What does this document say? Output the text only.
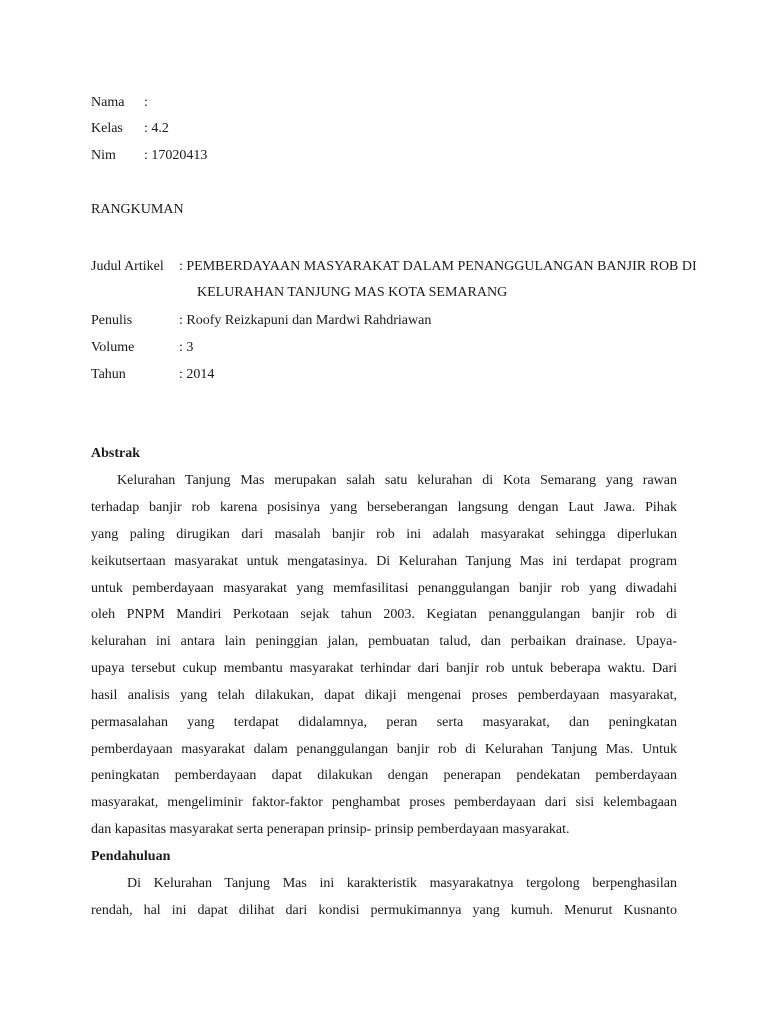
Nama :
Kelas : 4.2
Nim : 17020413
RANGKUMAN
Judul Artikel : PEMBERDAYAAN MASYARAKAT DALAM PENANGGULANGAN BANJIR ROB DI
KELURAHAN TANJUNG MAS KOTA SEMARANG
Penulis	: Roofy Reizkapuni dan Mardwi Rahdriawan
Volume	: 3
Tahun	: 2014
Abstrak
Kelurahan Tanjung Mas merupakan salah satu kelurahan di Kota Semarang yang rawan
terhadap banjir rob karena posisinya yang berseberangan langsung dengan Laut Jawa. Pihak
yang paling dirugikan dari masalah banjir rob ini adalah masyarakat sehingga diperlukan
keikutsertaan masyarakat untuk mengatasinya. Di Kelurahan Tanjung Mas ini terdapat program
untuk pemberdayaan masyarakat yang memfasilitasi penanggulangan banjir rob yang diwadahi
oleh PNPM Mandiri Perkotaan sejak tahun 2003. Kegiatan penanggulangan banjir rob di
kelurahan ini antara lain peninggian jalan, pembuatan talud, dan perbaikan drainase. Upaya-
upaya tersebut cukup membantu masyarakat terhindar dari banjir rob untuk beberapa waktu. Dari
hasil analisis yang telah dilakukan, dapat dikaji mengenai proses pemberdayaan masyarakat,
permasalahan yang terdapat didalamnya, peran serta masyarakat, dan peningkatan
pemberdayaan masyarakat dalam penanggulangan banjir rob di Kelurahan Tanjung Mas. Untuk
peningkatan pemberdayaan dapat dilakukan dengan penerapan pendekatan pemberdayaan
masyarakat, mengeliminir faktor-faktor penghambat proses pemberdayaan dari sisi kelembagaan
dan kapasitas masyarakat serta penerapan prinsip- prinsip pemberdayaan masyarakat.
Pendahuluan
Di Kelurahan Tanjung Mas ini karakteristik masyarakatnya tergolong berpenghasilan
rendah, hal ini dapat dilihat dari kondisi permukimannya yang kumuh. Menurut Kusnanto
